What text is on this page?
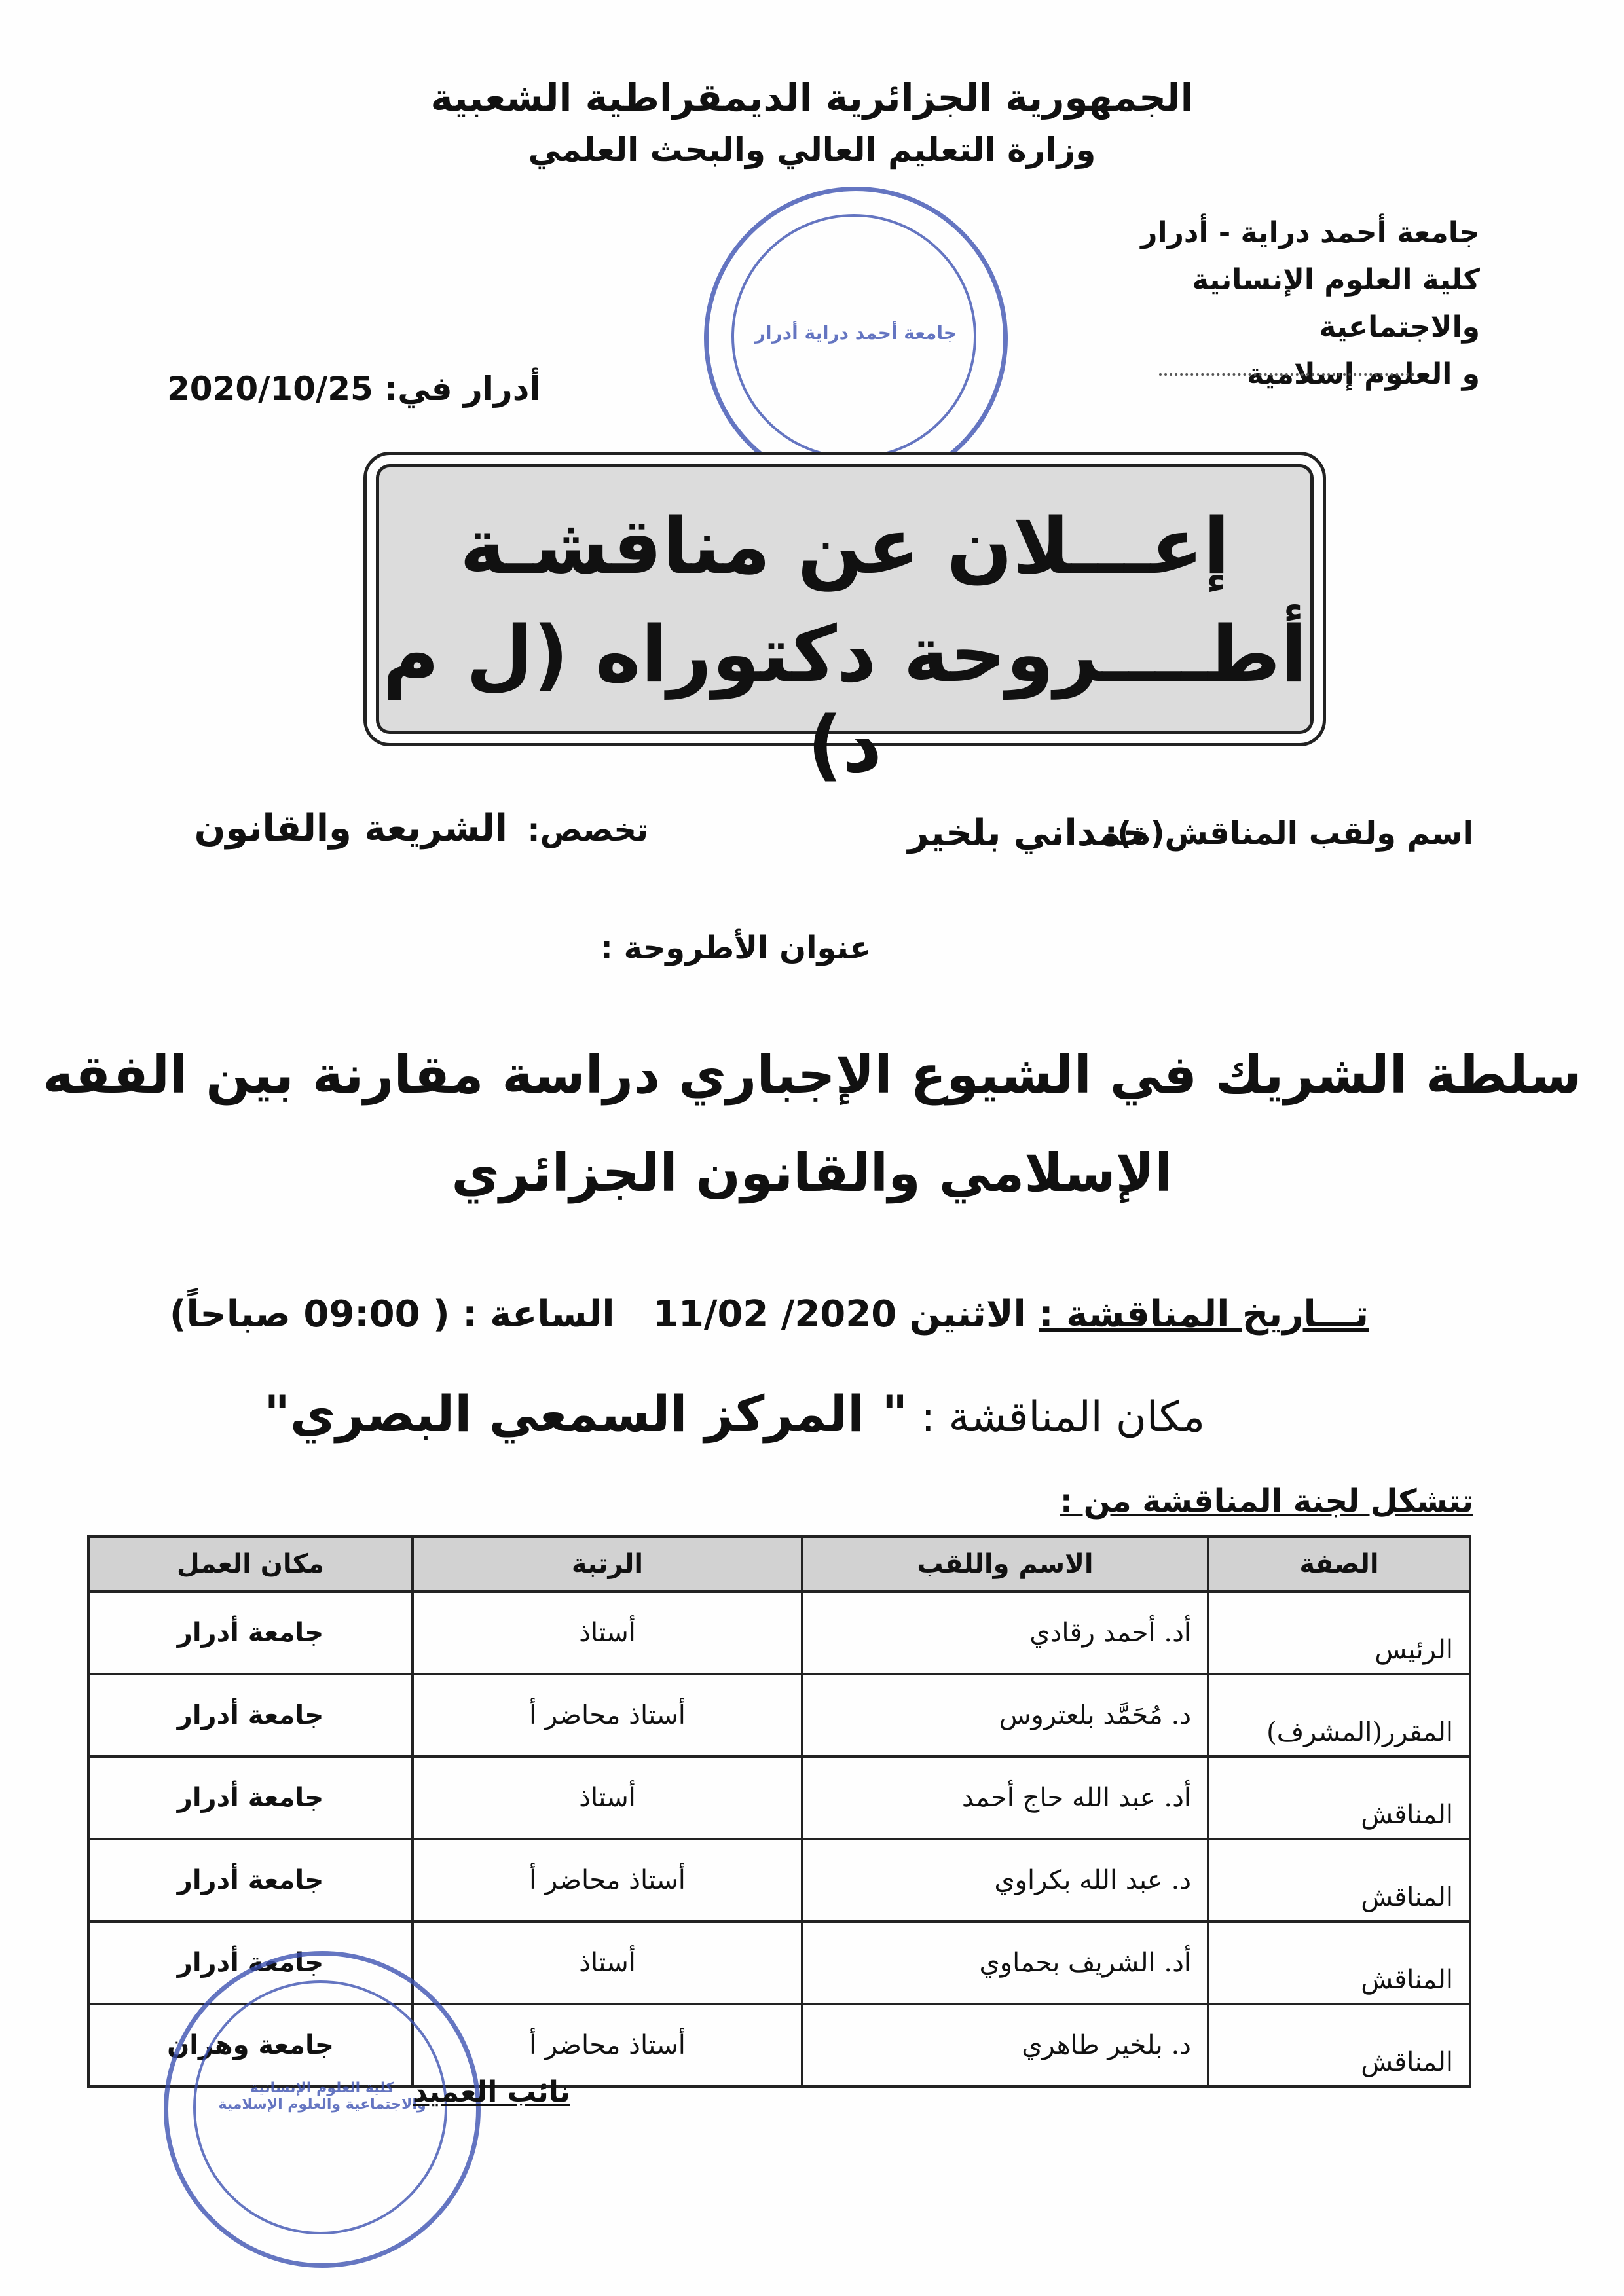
الجمهورية الجزائرية الديمقراطية الشعبية
وزارة التعليم العالي والبحث العلمي
جامعة أحمد دراية - أدرار
كلية العلوم الإنسانية والاجتماعية
و العلوم إسلامية
أدرار في: 2020/10/25
جامعة أحمد دراية أدرار
إعـــلان عن مناقشـة
أطــــروحة دكتوراه (ل م د)
اسم ولقب المناقش(ة):
حمداني بلخير
تخصص:
الشريعة والقانون
عنوان الأطروحة :
سلطة الشريك في الشيوع الإجباري دراسة مقارنة بين الفقه
الإسلامي والقانون الجزائري
تـــاريخ المناقشة : الاثنين 2020/ 11/02   الساعة : ( 09:00 صباحاً)
مكان المناقشة : " المركز السمعي البصري"
تتشكل لجنة المناقشة من :
الصفة	الاسم واللقب	الرتبة	مكان العمل
الرئيس	أد. أحمد رقادي	أستاذ	جامعة أدرار
المقرر(المشرف)	د. مُحَمَّد بلعتروس	أستاذ محاضر أ	جامعة أدرار
المناقش	أد. عبد الله حاج أحمد	أستاذ	جامعة أدرار
المناقش	د. عبد الله بكراوي	أستاذ محاضر أ	جامعة أدرار
المناقش	أد. الشريف بحماوي	أستاذ	جامعة أدرار
المناقش	د. بلخير طاهري	أستاذ محاضر أ	جامعة وهران
كلية العلوم الإنسانية والاجتماعية والعلوم الإسلامية
نائب العميد
